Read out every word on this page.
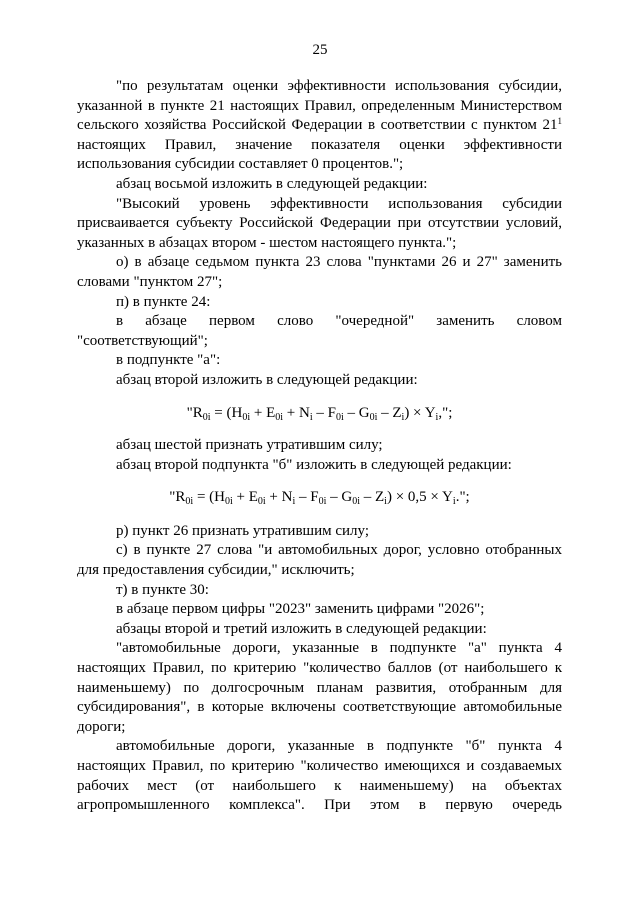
25

"по результатам оценки эффективности использования субсидии, указанной в пункте 21 настоящих Правил, определенным Министерством сельского хозяйства Российской Федерации в соответствии с пунктом $21^1$ настоящих Правил, значение показателя оценки эффективности использования субсидии составляет 0 процентов.";

абзац восьмой изложить в следующей редакции:

"Высокий уровень эффективности использования субсидии присваивается субъекту Российской Федерации при отсутствии условий, указанных в абзацах втором - шестом настоящего пункта.";

о) в абзаце седьмом пункта 23 слова "пунктами 26 и 27" заменить словами "пунктом 27";

п) в пункте 24:

в абзаце первом слово "очередной" заменить словом "соответствующий";

в подпункте "а":

абзац второй изложить в следующей редакции:

"$R_{0i} = (H_{0i} + E_{0i} + N_i - F_{0i} - G_{0i} - Z_i) \times Y_i$,";

абзац шестой признать утратившим силу;

абзац второй подпункта "б" изложить в следующей редакции:

"$R_{0i} = (H_{0i} + E_{0i} + N_i - F_{0i} - G_{0i} - Z_i) \times 0,5 \times Y_i$.";

р) пункт 26 признать утратившим силу;

с) в пункте 27 слова "и автомобильных дорог, условно отобранных для предоставления субсидии," исключить;

т) в пункте 30:

в абзаце первом цифры "2023" заменить цифрами "2026";

абзацы второй и третий изложить в следующей редакции:

"автомобильные дороги, указанные в подпункте "а" пункта 4 настоящих Правил, по критерию "количество баллов (от наибольшего к наименьшему) по долгосрочным планам развития, отобранным для субсидирования", в которые включены соответствующие автомобильные дороги;

автомобильные дороги, указанные в подпункте "б" пункта 4 настоящих Правил, по критерию "количество имеющихся и создаваемых рабочих мест (от наибольшего к наименьшему) на объектах агропромышленного комплекса". При этом в первую очередь
